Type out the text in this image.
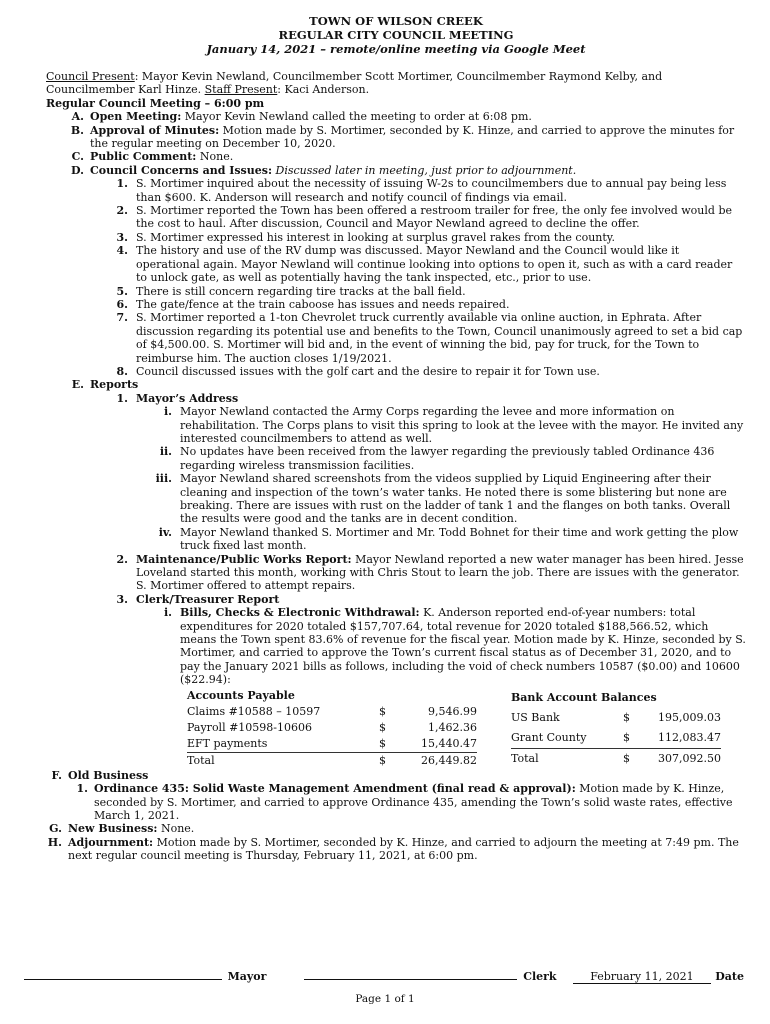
TOWN OF WILSON CREEK

REGULAR CITY COUNCIL MEETING

January 14, 2021 – remote/online meeting via Google Meet

Council Present: Mayor Kevin Newland, Councilmember Scott Mortimer, Councilmember Raymond Kelby, and Councilmember Karl Hinze. Staff Present: Kaci Anderson.

Regular Council Meeting – 6:00 pm

A. Open Meeting: Mayor Kevin Newland called the meeting to order at 6:08 pm.
B. Approval of Minutes: Motion made by S. Mortimer, seconded by K. Hinze, and carried to approve the minutes for the regular meeting on December 10, 2020.
C. Public Comment: None.
D. Council Concerns and Issues: Discussed later in meeting, just prior to adjournment.
1. S. Mortimer inquired about the necessity of issuing W-2s to councilmembers due to annual pay being less than $600. K. Anderson will research and notify council of findings via email.
2. S. Mortimer reported the Town has been offered a restroom trailer for free, the only fee involved would be the cost to haul. After discussion, Council and Mayor Newland agreed to decline the offer.
3. S. Mortimer expressed his interest in looking at surplus gravel rakes from the county.
4. The history and use of the RV dump was discussed. Mayor Newland and the Council would like it operational again. Mayor Newland will continue looking into options to open it, such as with a card reader to unlock gate, as well as potentially having the tank inspected, etc., prior to use.
5. There is still concern regarding tire tracks at the ball field.
6. The gate/fence at the train caboose has issues and needs repaired.
7. S. Mortimer reported a 1-ton Chevrolet truck currently available via online auction, in Ephrata. After discussion regarding its potential use and benefits to the Town, Council unanimously agreed to set a bid cap of $4,500.00. S. Mortimer will bid and, in the event of winning the bid, pay for truck, for the Town to reimburse him. The auction closes 1/19/2021.
8. Council discussed issues with the golf cart and the desire to repair it for Town use.
E. Reports
1. Mayor’s Address
i. Mayor Newland contacted the Army Corps regarding the levee and more information on rehabilitation. The Corps plans to visit this spring to look at the levee with the mayor. He invited any interested councilmembers to attend as well.
ii. No updates have been received from the lawyer regarding the previously tabled Ordinance 436 regarding wireless transmission facilities.
iii. Mayor Newland shared screenshots from the videos supplied by Liquid Engineering after their cleaning and inspection of the town’s water tanks. He noted there is some blistering but none are breaking. There are issues with rust on the ladder of tank 1 and the flanges on both tanks. Overall the results were good and the tanks are in decent condition.
iv. Mayor Newland thanked S. Mortimer and Mr. Todd Bohnet for their time and work getting the plow truck fixed last month.
2. Maintenance/Public Works Report: Mayor Newland reported a new water manager has been hired. Jesse Loveland started this month, working with Chris Stout to learn the job. There are issues with the generator. S. Mortimer offered to attempt repairs.
3. Clerk/Treasurer Report
i. Bills, Checks & Electronic Withdrawal: K. Anderson reported end-of-year numbers: total expenditures for 2020 totaled $157,707.64, total revenue for 2020 totaled $188,566.52, which means the Town spent 83.6% of revenue for the fiscal year. Motion made by K. Hinze, seconded by S. Mortimer, and carried to approve the Town’s current fiscal status as of December 31, 2020, and to pay the January 2021 bills as follows, including the void of check numbers 10587 ($0.00) and 10600 ($22.94):
Accounts Payable		
Claims #10588 – 10597	$	9,546.99
Payroll #10598-10606	$	1,462.36
EFT payments	$	15,440.47
Total	$	26,449.82
Bank Account Balances		
US Bank	$	195,009.03
Grant County	$	112,083.47
Total	$	307,092.50
F. Old Business
1. Ordinance 435: Solid Waste Management Amendment (final read & approval): Motion made by K. Hinze, seconded by S. Mortimer, and carried to approve Ordinance 435, amending the Town’s solid waste rates, effective March 1, 2021.
G. New Business: None.
H. Adjournment: Motion made by S. Mortimer, seconded by K. Hinze, and carried to adjourn the meeting at 7:49 pm. The next regular council meeting is Thursday, February 11, 2021, at 6:00 pm.
Mayor	Clerk	February 11, 2021	Date
Page 1 of 1
